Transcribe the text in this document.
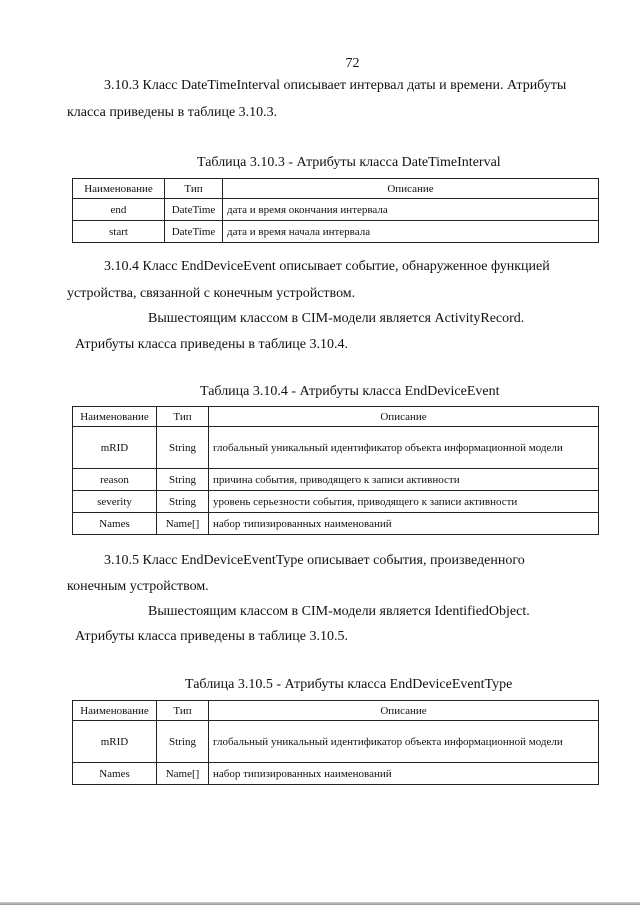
72
3.10.3 Класс DateTimeInterval описывает интервал даты и времени. Атрибуты
класса приведены в таблице 3.10.3.
Таблица 3.10.3 - Атрибуты класса DateTimeInterval
Наименование	Тип	Описание
end	DateTime	дата и время окончания интервала
start	DateTime	дата и время начала интервала
3.10.4 Класс EndDeviceEvent описывает событие, обнаруженное функцией
устройства, связанной с конечным устройством.
Вышестоящим классом в CIM-модели является ActivityRecord.
Атрибуты класса приведены в таблице 3.10.4.
Таблица 3.10.4 - Атрибуты класса EndDeviceEvent
Наименование	Тип	Описание
mRID	String	глобальный уникальный идентификатор объекта информационной модели
reason	String	причина события, приводящего к записи активности
severity	String	уровень серьезности события, приводящего к записи активности
Names	Name[]	набор типизированных наименований
3.10.5 Класс EndDeviceEventType описывает события, произведенного
конечным устройством.
Вышестоящим классом в CIM-модели является IdentifiedObject.
Атрибуты класса приведены в таблице 3.10.5.
Таблица 3.10.5 - Атрибуты класса EndDeviceEventType
Наименование	Тип	Описание
mRID	String	глобальный уникальный идентификатор объекта информационной модели
Names	Name[]	набор типизированных наименований
